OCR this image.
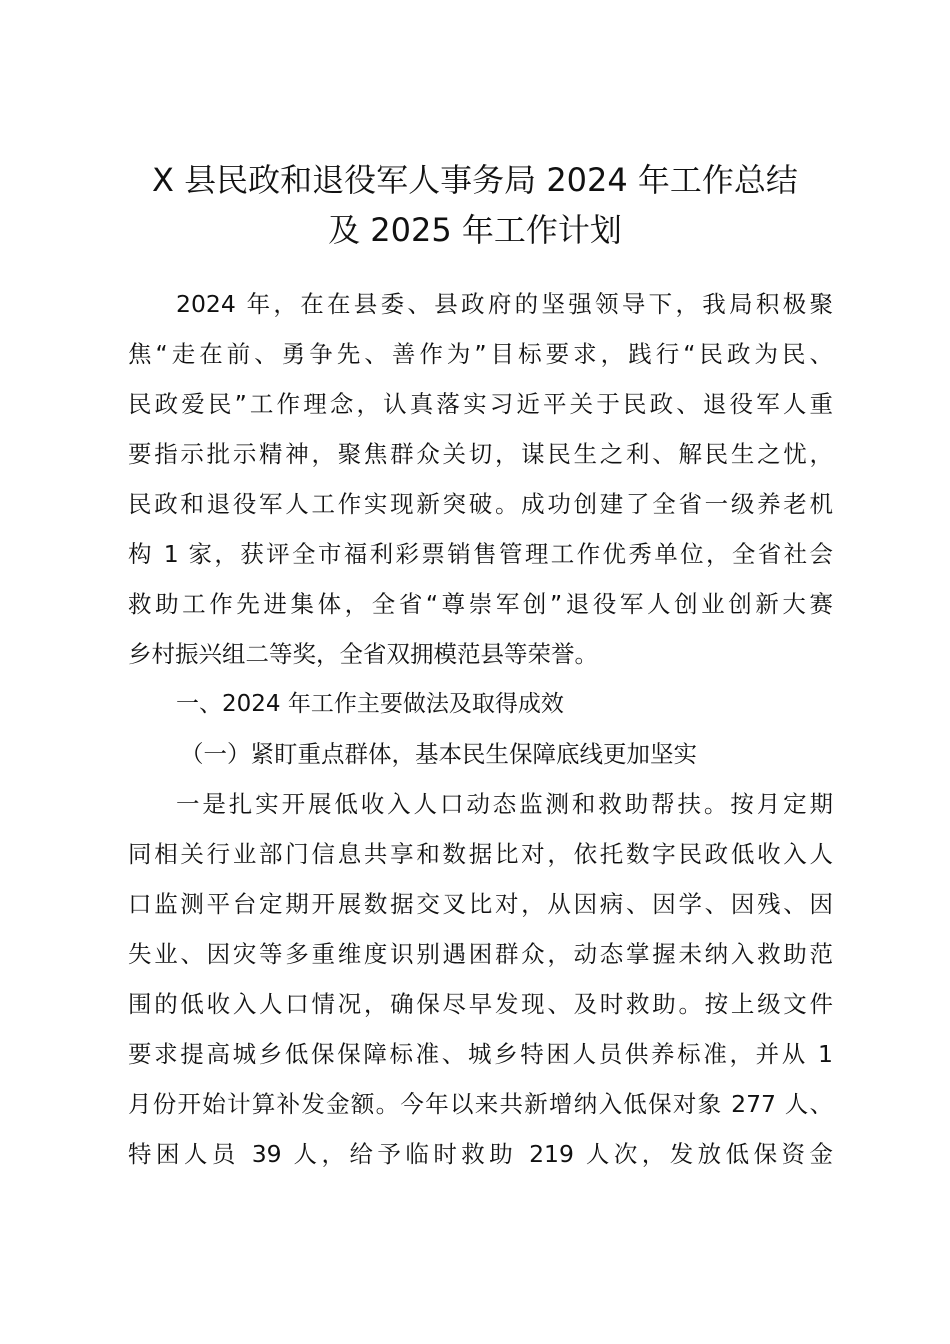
X 县民政和退役军人事务局 2024 年工作总结
及 2025 年工作计划

2024 年，在在县委、县政府的坚强领导下，我局积极聚

焦“走在前、勇争先、善作为”目标要求，践行“民政为民、

民政爱民”工作理念，认真落实习近平关于民政、退役军人重

要指示批示精神，聚焦群众关切，谋民生之利、解民生之忧，

民政和退役军人工作实现新突破。成功创建了全省一级养老机

构 1 家，获评全市福利彩票销售管理工作优秀单位，全省社会

救助工作先进集体，全省“尊崇军创”退役军人创业创新大赛

乡村振兴组二等奖，全省双拥模范县等荣誉。

一、2024 年工作主要做法及取得成效

（一）紧盯重点群体，基本民生保障底线更加坚实

一是扎实开展低收入人口动态监测和救助帮扶。按月定期

同相关行业部门信息共享和数据比对，依托数字民政低收入人

口监测平台定期开展数据交叉比对，从因病、因学、因残、因

失业、因灾等多重维度识别遇困群众，动态掌握未纳入救助范

围的低收入人口情况，确保尽早发现、及时救助。按上级文件

要求提高城乡低保保障标准、城乡特困人员供养标准，并从 1

月份开始计算补发金额。今年以来共新增纳入低保对象 277 人、

特困人员 39 人，给予临时救助 219 人次，发放低保资金
